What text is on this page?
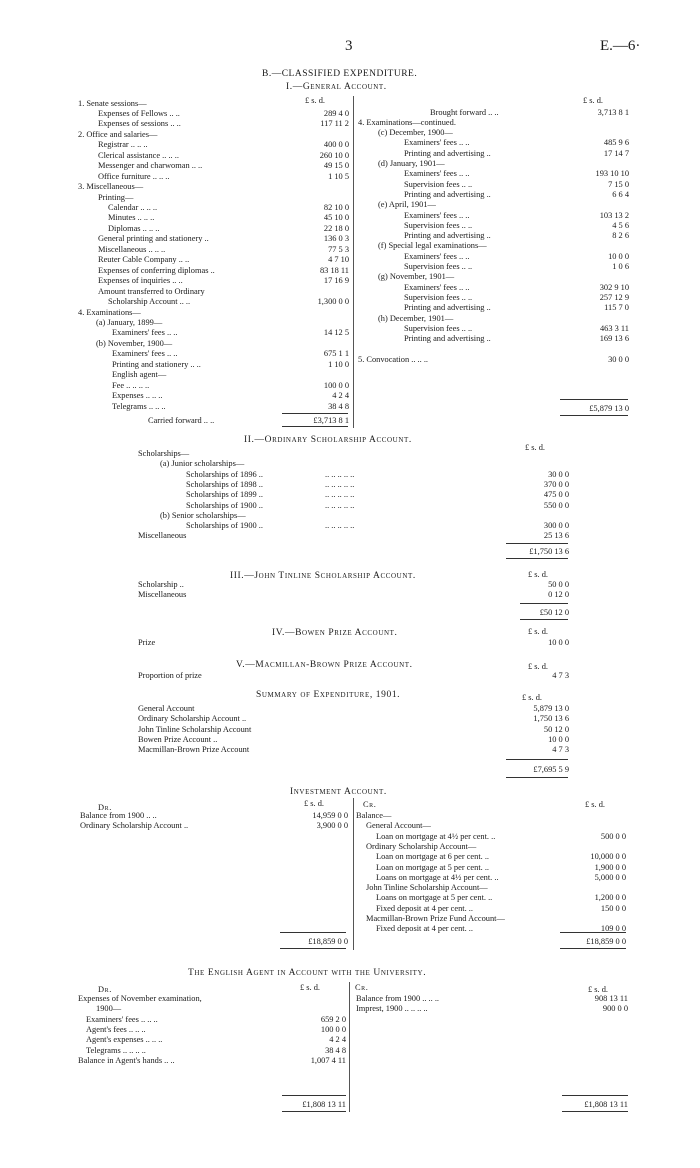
3	E.—6·
B.—CLASSIFIED EXPENDITURE.
I.—General Account.
£ s. d.
1. Senate sessions—
Expenses of Fellows .. ..	289 4 0
Expenses of sessions .. ..	117 11 2
2. Office and salaries—
Registrar .. .. ..	400 0 0
Clerical assistance .. .. ..	260 10 0
Messenger and charwoman .. ..	49 15 0
Office furniture .. .. ..	1 10 5
3. Miscellaneous—
Printing—
Calendar .. .. ..	82 10 0
Minutes .. .. ..	45 10 0
Diplomas .. .. ..	22 18 0
General printing and stationery ..	136 0 3
Miscellaneous .. .. ..	77 5 3
Reuter Cable Company .. ..	4 7 10
Expenses of conferring diplomas ..	83 18 11
Expenses of inquiries .. ..	17 16 9
Amount transferred to Ordinary
Scholarship Account .. ..	1,300 0 0
4. Examinations—
(a) January, 1899—
Examiners' fees .. ..	14 12 5
(b) November, 1900—
Examiners' fees .. ..	675 1 1
Printing and stationery .. ..	1 10 0
English agent—
Fee .. .. .. ..	100 0 0
Expenses .. .. ..	4 2 4
Telegrams .. .. ..	38 4 8
Carried forward .. ..	£3,713 8 1
£ s. d.
Brought forward .. ..	3,713 8 1
4. Examinations—continued.
(c) December, 1900—
Examiners' fees .. ..	485 9 6
Printing and advertising ..	17 14 7
(d) January, 1901—
Examiners' fees .. ..	193 10 10
Supervision fees .. ..	7 15 0
Printing and advertising ..	6 6 4
(e) April, 1901—
Examiners' fees .. ..	103 13 2
Supervision fees .. ..	4 5 6
Printing and advertising ..	8 2 6
(f) Special legal examinations—
Examiners' fees .. ..	10 0 0
Supervision fees .. ..	1 0 6
(g) November, 1901—
Examiners' fees .. ..	302 9 10
Supervision fees .. ..	257 12 9
Printing and advertising ..	115 7 0
(h) December, 1901—
Supervision fees .. ..	463 3 11
Printing and advertising ..	169 13 6
5. Convocation .. .. ..	30 0 0
£5,879 13 0
II.—Ordinary Scholarship Account.
£ s. d.
Scholarships—
(a) Junior scholarships—
Scholarships of 1896 ..	30 0 0
.. .. .. .. ..
Scholarships of 1898 ..	370 0 0
.. .. .. .. ..
Scholarships of 1899 ..	475 0 0
.. .. .. .. ..
Scholarships of 1900 ..	550 0 0
.. .. .. .. ..
(b) Senior scholarships—
Scholarships of 1900 ..	300 0 0
.. .. .. .. ..
Miscellaneous	25 13 6
£1,750 13 6
III.—John Tinline Scholarship Account.	£ s. d.
Scholarship ..	50 0 0
Miscellaneous	0 12 0
£50 12 0
IV.—Bowen Prize Account.	£ s. d.
Prize	10 0 0
V.—Macmillan-Brown Prize Account.	£ s. d.
Proportion of prize	4 7 3
Summary of Expenditure, 1901.	£ s. d.
General Account	5,879 13 0
Ordinary Scholarship Account ..	1,750 13 6
John Tinline Scholarship Account	50 12 0
Bowen Prize Account ..	10 0 0
Macmillan-Brown Prize Account	4 7 3
£7,695 5 9
Investment Account.
Dr.	Cr.
£ s. d.	£ s. d.
Balance from 1900 .. ..	14,959 0 0
Ordinary Scholarship Account ..	3,900 0 0
Balance—
General Account—
Loan on mortgage at 4½ per cent. ..	500 0 0
Ordinary Scholarship Account—
Loan on mortgage at 6 per cent. ..	10,000 0 0
Loan on mortgage at 5 per cent. ..	1,900 0 0
Loans on mortgage at 4½ per cent. ..	5,000 0 0
John Tinline Scholarship Account—
Loans on mortgage at 5 per cent. ..	1,200 0 0
Fixed deposit at 4 per cent. ..	150 0 0
Macmillan-Brown Prize Fund Account—
Fixed deposit at 4 per cent. ..	109 0 0
£18,859 0 0	£18,859 0 0
The English Agent in Account with the University.
Dr.	Cr.
£ s. d.	£ s. d.
Expenses of November examination,
1900—
Examiners' fees .. .. ..	659 2 0
Agent's fees .. .. ..	100 0 0
Agent's expenses .. .. ..	4 2 4
Telegrams .. .. .. ..	38 4 8
Balance in Agent's hands .. ..	1,007 4 11
Balance from 1900 .. .. ..	908 13 11
Imprest, 1900 .. .. .. ..	900 0 0
£1,808 13 11	£1,808 13 11
